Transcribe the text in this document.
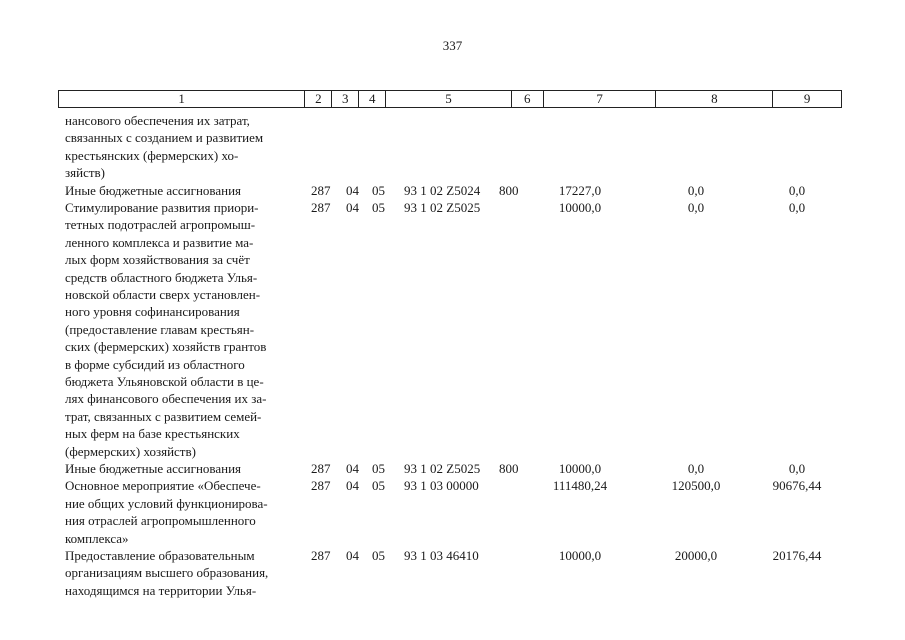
337
1	2	3	4	5	6	7	8	9
нансового обеспечения их затрат,
связанных с созданием и развитием
крестьянских (фермерских) хо-
зяйств)
Иные бюджетные ассигнования	287 04 05 93 1 02 Z5024 800	17227,0	0,0	0,0
Стимулирование развития приори-
тетных подотраслей агропромыш-
ленного комплекса и развитие ма-
лых форм хозяйствования за счёт
средств областного бюджета Улья-
новской области сверх установлен-
ного уровня софинансирования
(предоставление главам крестьян-
ских (фермерских) хозяйств грантов
в форме субсидий из областного
бюджета Ульяновской области в це-
лях финансового обеспечения их за-
трат, связанных с развитием семей-
ных ферм на базе крестьянских
(фермерских) хозяйств)
287 04 05 93 1 02 Z5025	10000,0	0,0	0,0
Иные бюджетные ассигнования	287 04 05 93 1 02 Z5025 800	10000,0	0,0	0,0
Основное мероприятие «Обеспече-
ние общих условий функционирова-
ния отраслей агропромышленного
комплекса»
287 04 05 93 1 03 00000	111480,24	120500,0	90676,44
Предоставление образовательным
организациям высшего образования,
находящимся на территории Улья-
287 04 05 93 1 03 46410	10000,0	20000,0	20176,44
